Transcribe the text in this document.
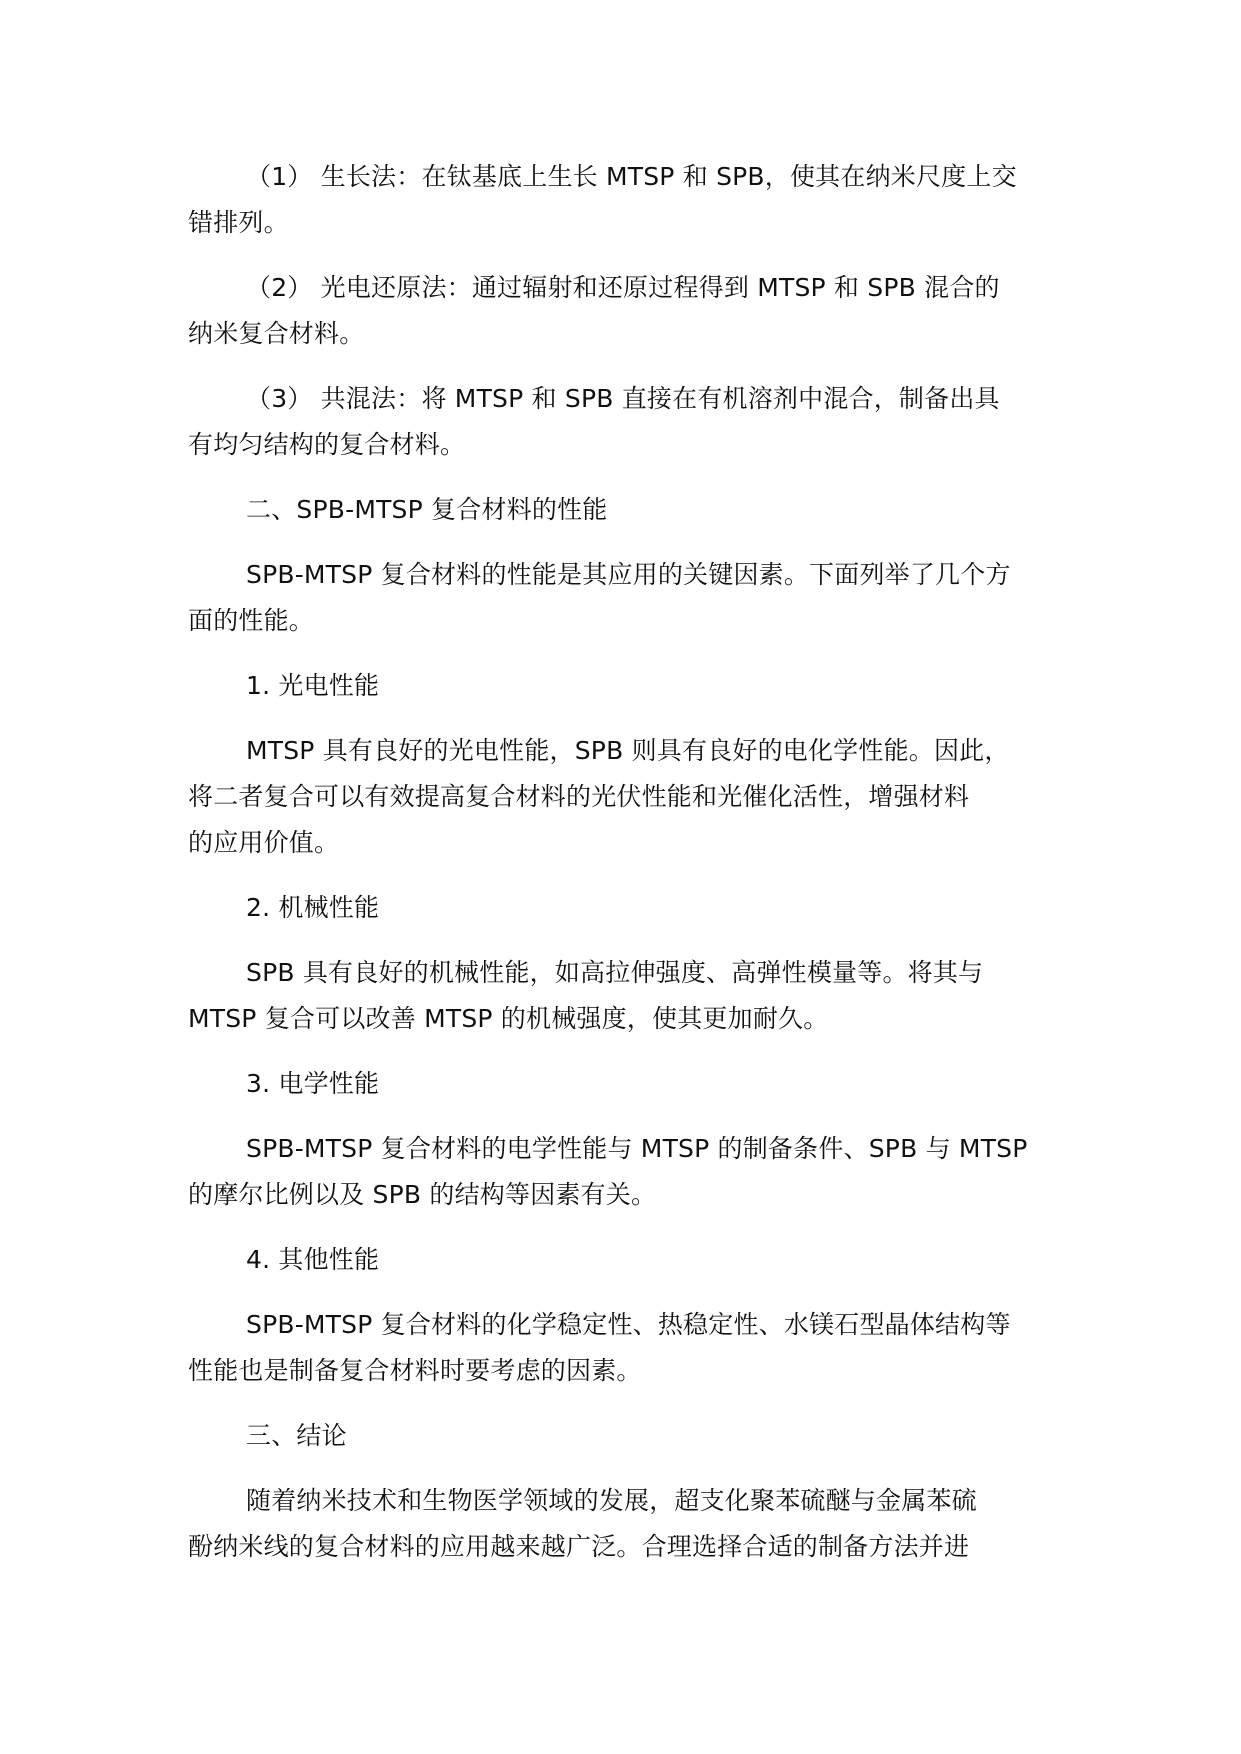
（1） 生长法：在钛基底上生长 MTSP 和 SPB，使其在纳米尺度上交
错排列。

（2） 光电还原法：通过辐射和还原过程得到 MTSP 和 SPB 混合的
纳米复合材料。

（3） 共混法：将 MTSP 和 SPB 直接在有机溶剂中混合，制备出具
有均匀结构的复合材料。

二、SPB-MTSP 复合材料的性能

SPB-MTSP 复合材料的性能是其应用的关键因素。下面列举了几个方
面的性能。

1. 光电性能

MTSP 具有良好的光电性能，SPB 则具有良好的电化学性能。因此，
将二者复合可以有效提高复合材料的光伏性能和光催化活性，增强材料
的应用价值。

2. 机械性能

SPB 具有良好的机械性能，如高拉伸强度、高弹性模量等。将其与
MTSP 复合可以改善 MTSP 的机械强度，使其更加耐久。

3. 电学性能

SPB-MTSP 复合材料的电学性能与 MTSP 的制备条件、SPB 与 MTSP
的摩尔比例以及 SPB 的结构等因素有关。

4. 其他性能

SPB-MTSP 复合材料的化学稳定性、热稳定性、水镁石型晶体结构等
性能也是制备复合材料时要考虑的因素。

三、结论

随着纳米技术和生物医学领域的发展，超支化聚苯硫醚与金属苯硫
酚纳米线的复合材料的应用越来越广泛。合理选择合适的制备方法并进
